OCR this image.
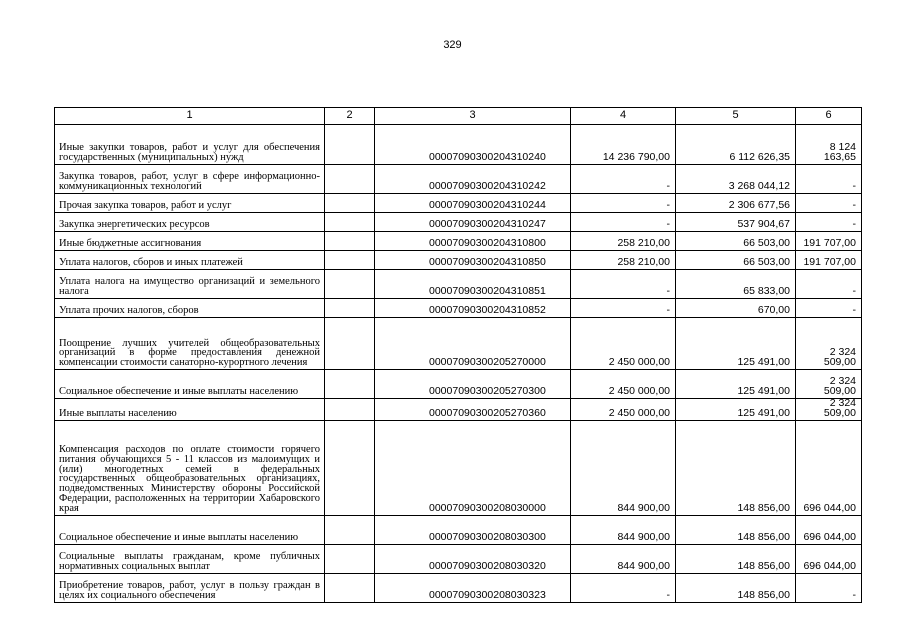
329
1	2	3	4	5	6
Иные закупки товаров, работ и услуг для обеспечения государственных (муниципальных) нужд		00007090300204310240	14 236 790,00	6 112 626,35	8 124 163,65
Закупка товаров, работ, услуг в сфере информационно-коммуникационных технологий		00007090300204310242	-	3 268 044,12	-
Прочая закупка товаров, работ и услуг		00007090300204310244	-	2 306 677,56	-
Закупка энергетических ресурсов		00007090300204310247	-	537 904,67	-
Иные бюджетные ассигнования		00007090300204310800	258 210,00	66 503,00	191 707,00
Уплата налогов, сборов и иных платежей		00007090300204310850	258 210,00	66 503,00	191 707,00
Уплата налога на имущество организаций и земельного налога		00007090300204310851	-	65 833,00	-
Уплата прочих налогов, сборов		00007090300204310852	-	670,00	-
Поощрение лучших учителей общеобразовательных организаций в форме предоставления денежной компенсации стоимости санаторно-курортного лечения		00007090300205270000	2 450 000,00	125 491,00	2 324 509,00
Социальное обеспечение и иные выплаты населению		00007090300205270300	2 450 000,00	125 491,00	2 324 509,00
Иные выплаты населению		00007090300205270360	2 450 000,00	125 491,00	2 324 509,00
Компенсация расходов по оплате стоимости горячего питания обучающихся 5 - 11 классов из малоимущих и (или) многодетных семей в федеральных государственных общеобразовательных организациях, подведомственных Министерству обороны Российской Федерации, расположенных на территории Хабаровского края		00007090300208030000	844 900,00	148 856,00	696 044,00
Социальное обеспечение и иные выплаты населению		00007090300208030300	844 900,00	148 856,00	696 044,00
Социальные выплаты гражданам, кроме публичных нормативных социальных выплат		00007090300208030320	844 900,00	148 856,00	696 044,00
Приобретение товаров, работ, услуг в пользу граждан в целях их социального обеспечения		00007090300208030323	-	148 856,00	-
